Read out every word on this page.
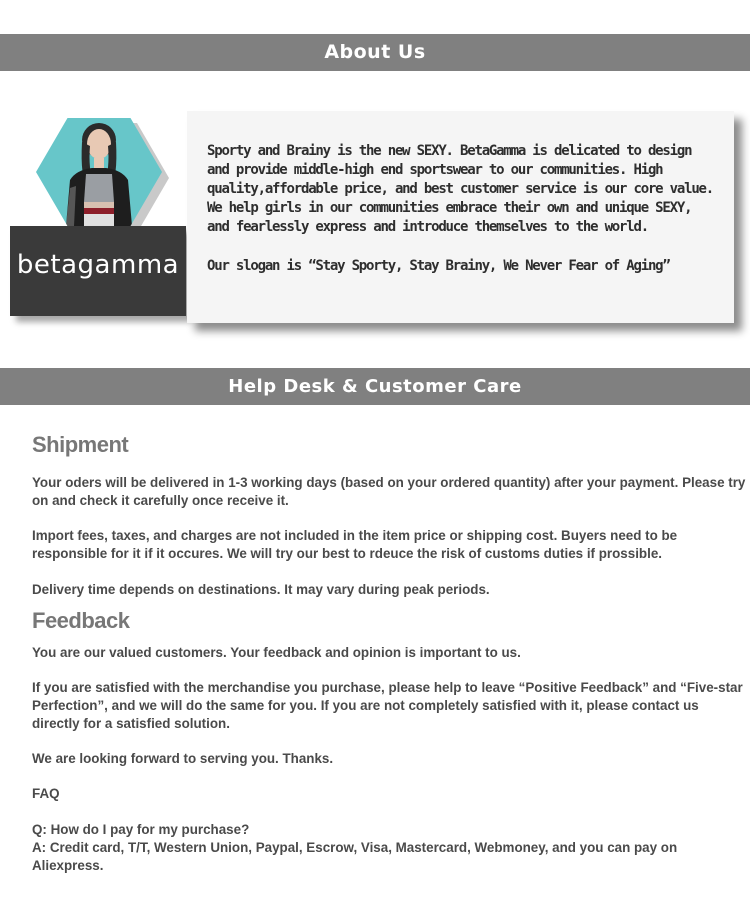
About Us
betagamma

Sporty and Brainy is the new SEXY. BetaGamma is delicated to design and provide middle-high end sportswear to our communities. High quality,affordable price, and best customer service is our core value. We help girls in our communities embrace their own and unique SEXY, and fearlessly express and introduce themselves to the world.

Our slogan is “Stay Sporty, Stay Brainy, We Never Fear of Aging”

Help Desk & Customer Care
Shipment

Your oders will be delivered in 1-3 working days (based on your ordered quantity) after your payment. Please try on and check it carefully once receive it.

Import fees, taxes, and charges are not included in the item price or shipping cost. Buyers need to be responsible for it if it occures. We will try our best to rdeuce the risk of customs duties if prossible.

Delivery time depends on destinations. It may vary during peak periods.

Feedback

You are our valued customers. Your feedback and opinion is important to us.

If you are satisfied with the merchandise you purchase, please help to leave “Positive Feedback” and “Five-star Perfection”, and we will do the same for you. If you are not completely satisfied with it, please contact us directly for a satisfied solution.

We are looking forward to serving you. Thanks.

FAQ

Q: How do I pay for my purchase?

A: Credit card, T/T, Western Union, Paypal, Escrow, Visa, Mastercard, Webmoney, and you can pay on Aliexpress.
